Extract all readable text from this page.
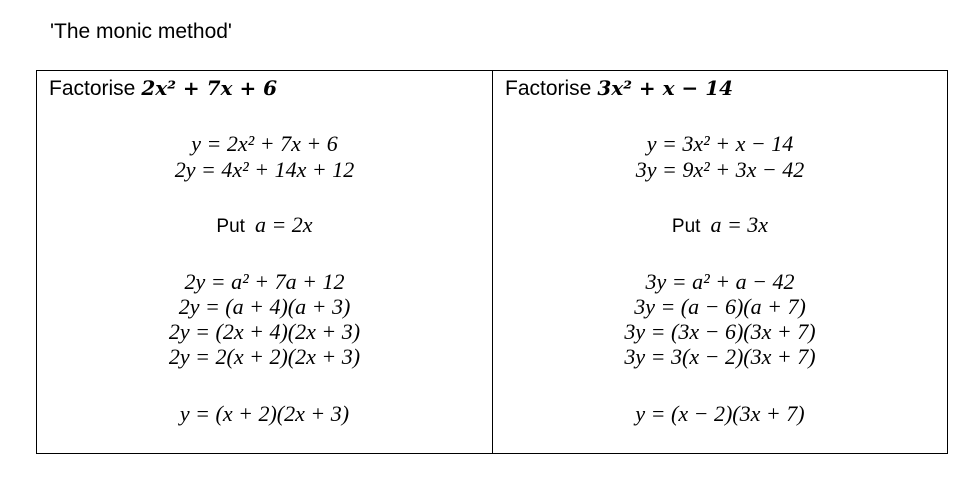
'The monic method'
Factorise 2x² + 7x + 6
y = 2x² + 7x + 6
2y = 4x² + 14x + 12
Put a = 2x
2y = a² + 7a + 12
2y = (a + 4)(a + 3)
2y = (2x + 4)(2x + 3)
2y = 2(x + 2)(2x + 3)
y = (x + 2)(2x + 3)
Factorise 3x² + x − 14
y = 3x² + x − 14
3y = 9x² + 3x − 42
Put a = 3x
3y = a² + a − 42
3y = (a − 6)(a + 7)
3y = (3x − 6)(3x + 7)
3y = 3(x − 2)(3x + 7)
y = (x − 2)(3x + 7)
